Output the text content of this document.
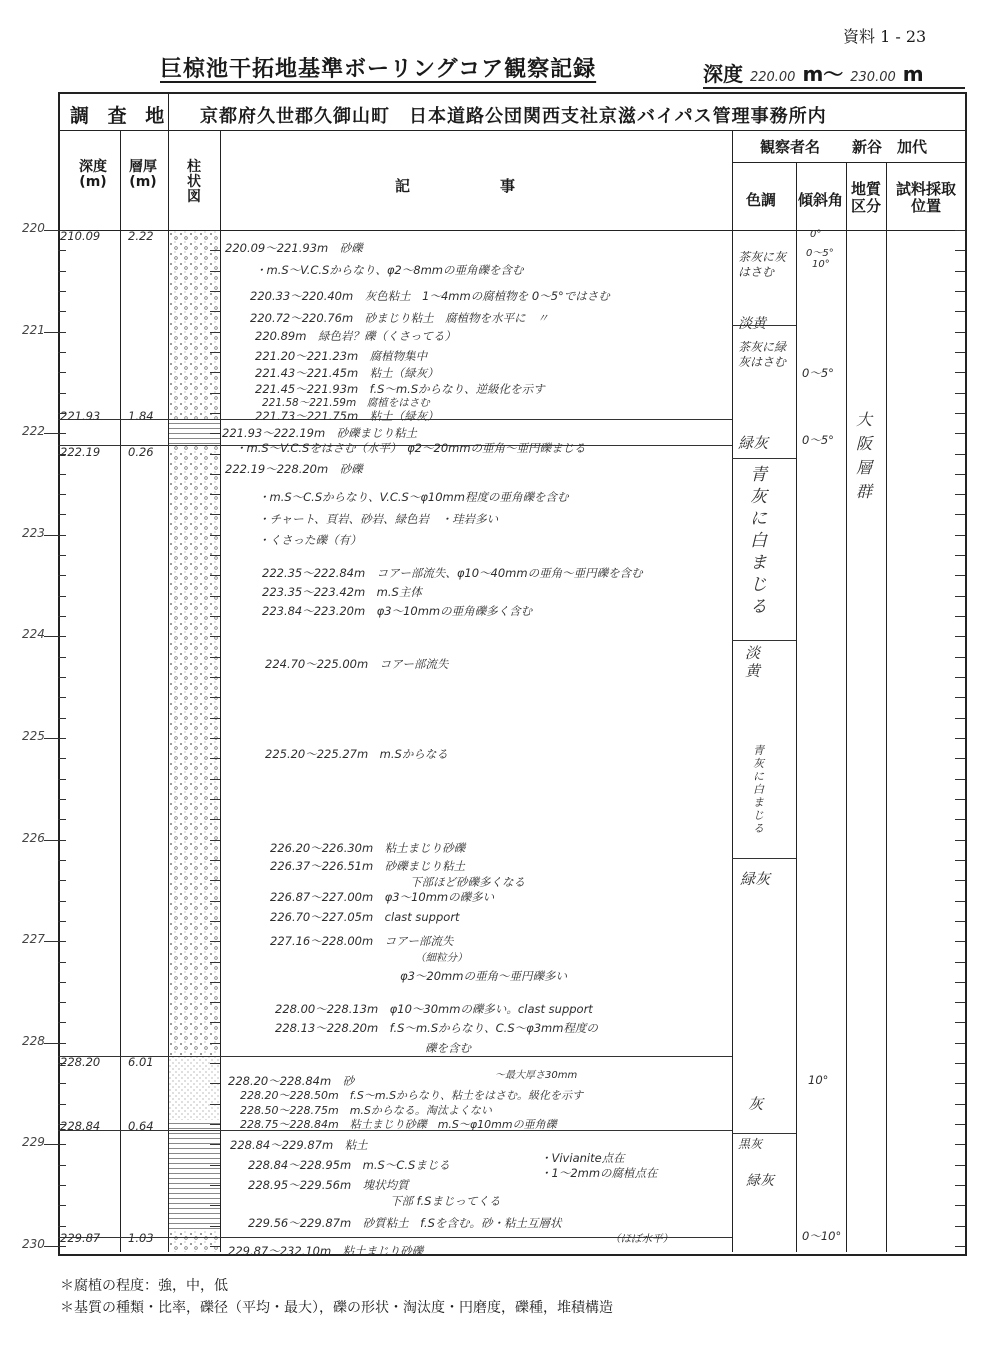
資料 1 - 23
巨椋池干拓地基準ボーリングコア観察記録	深度 220.00 m〜 230.00 m
調 査 地 京都府久世郡久御山町　日本道路公団関西支社京滋バイパス管理事務所内
観察者名 新谷　加代
深度(m)
層厚(m)
柱状図
記　　　　　　事
色調 傾斜角
地質区分
試料採取位置
220
221
222
223
224
225
226
227
228
229
230
210.09 2.22
221.93 1.84
222.19 0.26
228.20 6.01
228.84 0.64
229.87 1.03
220.09〜221.93m　砂礫
・m.S〜V.C.Sからなり、φ2〜8mmの亜角礫を含む
220.33〜220.40m　灰色粘土　1〜4mmの腐植物を 0〜5°ではさむ
220.72〜220.76m　砂まじり粘土　腐植物を水平に　〃
220.89m　緑色岩？礫（くさってる）
221.20〜221.23m　腐植物集中
221.43〜221.45m　粘土（緑灰）
221.45〜221.93m　f.S〜m.Sからなり、逆級化を示す
221.58〜221.59m　腐植をはさむ
221.73〜221.75m　粘土（緑灰）
221.93〜222.19m　砂礫まじり粘土
・m.S〜V.C.Sをはさむ（水平）　φ2〜20mmの亜角〜亜円礫まじる
222.19〜228.20m　砂礫
・m.S〜C.Sからなり、V.C.S〜φ10mm程度の亜角礫を含む
・チャート、頁岩、砂岩、緑色岩　・珪岩多い
・くさった礫（有）
222.35〜222.84m　コアー部流失、φ10〜40mmの亜角〜亜円礫を含む
223.35〜223.42m　m.S主体
223.84〜223.20m　φ3〜10mmの亜角礫多く含む
224.70〜225.00m　コアー部流失
225.20〜225.27m　m.Sからなる
226.20〜226.30m　粘土まじり砂礫
226.37〜226.51m　砂礫まじり粘土
下部ほど砂礫多くなる
226.87〜227.00m　φ3〜10mmの礫多い
226.70〜227.05m　clast support
227.16〜228.00m　コアー部流失
（細粒分）
φ3〜20mmの亜角〜亜円礫多い
228.00〜228.13m　φ10〜30mmの礫多い。clast support
228.13〜228.20m　f.S〜m.Sからなり、C.S〜φ3mm程度の
礫を含む
228.20〜228.84m　砂	〜最大厚さ30mm
228.20〜228.50m　f.S〜m.Sからなり、粘土をはさむ。級化を示す
228.50〜228.75m　m.Sからなる。淘汰よくない
228.75〜228.84m　粘土まじり砂礫　m.S〜φ10mmの亜角礫
228.84〜229.87m　粘土
・Vivianite点在
228.84〜228.95m　m.S〜C.Sまじる
・1〜2mmの腐植点在
228.95〜229.56m　塊状均質
下部 f.Sまじってくる
229.56〜229.87m　砂質粘土　f.Sを含む。砂・粘土互層状
（ほぼ水平）
229.87〜232.10m　粘土まじり砂礫
茶灰に灰はさむ
淡黄
茶灰に緑灰はさむ
緑灰
青灰に白まじる
淡黄
青灰に白まじる
緑灰
灰
黒灰
緑灰
0°
0〜5°
10°
0〜5°
0〜5°
10°
0〜10°
大阪層群
＊腐植の程度：強，中，低
＊基質の種類・比率，礫径（平均・最大），礫の形状・淘汰度・円磨度，礫種，堆積構造
